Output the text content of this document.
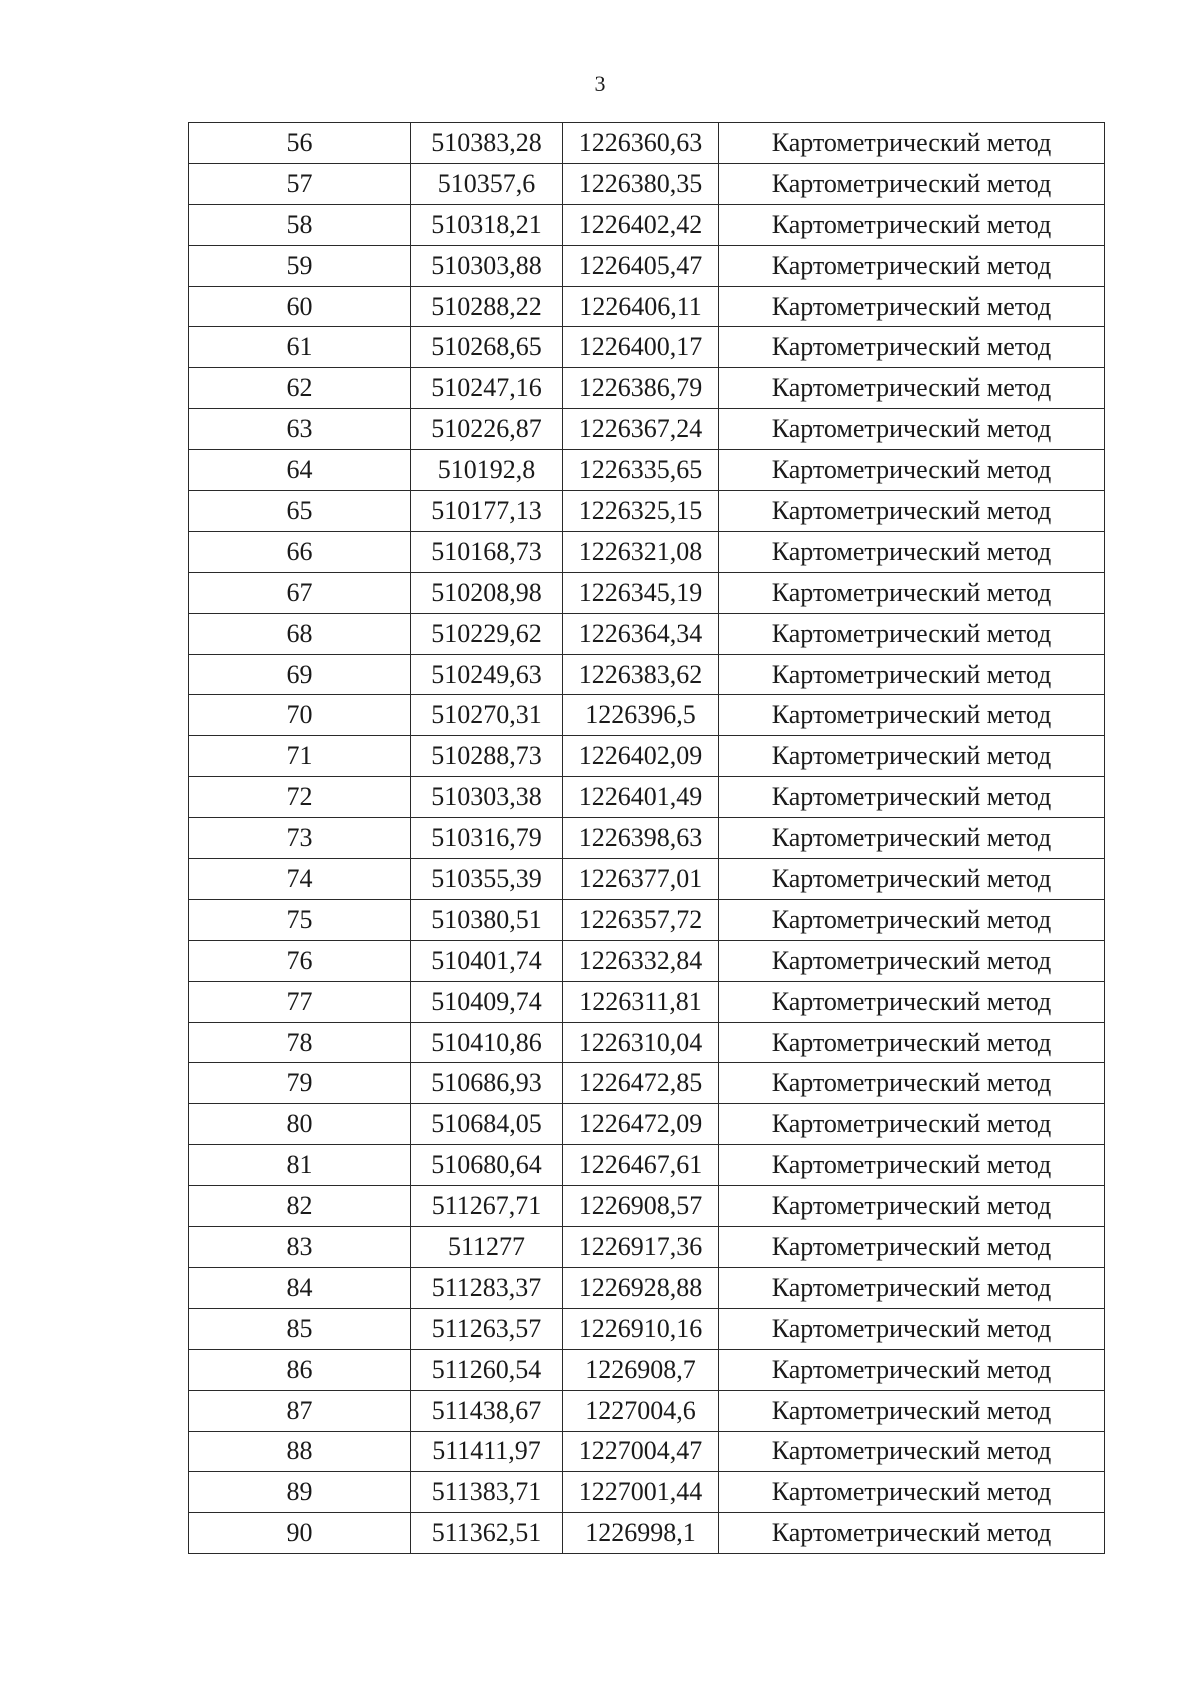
3
56	510383,28	1226360,63	Картометрический метод
57	510357,6	1226380,35	Картометрический метод
58	510318,21	1226402,42	Картометрический метод
59	510303,88	1226405,47	Картометрический метод
60	510288,22	1226406,11	Картометрический метод
61	510268,65	1226400,17	Картометрический метод
62	510247,16	1226386,79	Картометрический метод
63	510226,87	1226367,24	Картометрический метод
64	510192,8	1226335,65	Картометрический метод
65	510177,13	1226325,15	Картометрический метод
66	510168,73	1226321,08	Картометрический метод
67	510208,98	1226345,19	Картометрический метод
68	510229,62	1226364,34	Картометрический метод
69	510249,63	1226383,62	Картометрический метод
70	510270,31	1226396,5	Картометрический метод
71	510288,73	1226402,09	Картометрический метод
72	510303,38	1226401,49	Картометрический метод
73	510316,79	1226398,63	Картометрический метод
74	510355,39	1226377,01	Картометрический метод
75	510380,51	1226357,72	Картометрический метод
76	510401,74	1226332,84	Картометрический метод
77	510409,74	1226311,81	Картометрический метод
78	510410,86	1226310,04	Картометрический метод
79	510686,93	1226472,85	Картометрический метод
80	510684,05	1226472,09	Картометрический метод
81	510680,64	1226467,61	Картометрический метод
82	511267,71	1226908,57	Картометрический метод
83	511277	1226917,36	Картометрический метод
84	511283,37	1226928,88	Картометрический метод
85	511263,57	1226910,16	Картометрический метод
86	511260,54	1226908,7	Картометрический метод
87	511438,67	1227004,6	Картометрический метод
88	511411,97	1227004,47	Картометрический метод
89	511383,71	1227001,44	Картометрический метод
90	511362,51	1226998,1	Картометрический метод
